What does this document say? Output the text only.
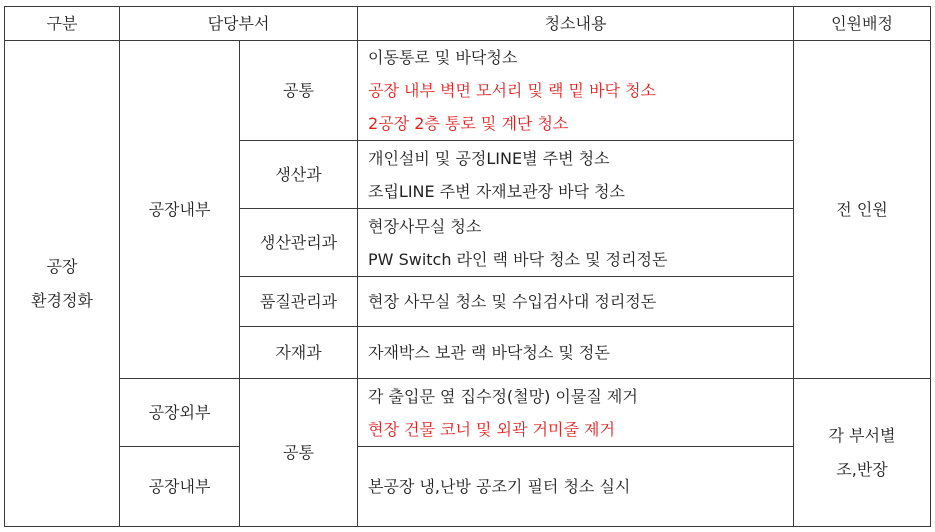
구분	담당부서		청소내용	인원배정

공장
환경정화	공장내부	공통	이동통로 및 바닥청소
공장 내부 벽면 모서리 및 랙 밑 바닥 청소
2공장 2층 통로 및 계단 청소	전 인원
		생산과	개인설비 및 공정LINE별 주변 청소
조립LINE 주변 자재보관장 바닥 청소	

		생산관리과	현장사무실 청소
PW Switch 라인 랙 바닥 청소 및 정리정돈	

		품질관리과	현장 사무실 청소 및 수입검사대 정리정돈	

		자재과	자재박스 보관 랙 바닥청소 및 정돈	

	공장외부	공통	각 출입문 옆 집수정(철망) 이물질 제거
현장 건물 코너 및 외곽 거미줄 제거	각 부서별
조,반장

	공장내부		본공장 냉,난방 공조기 필터 청소 실시	
